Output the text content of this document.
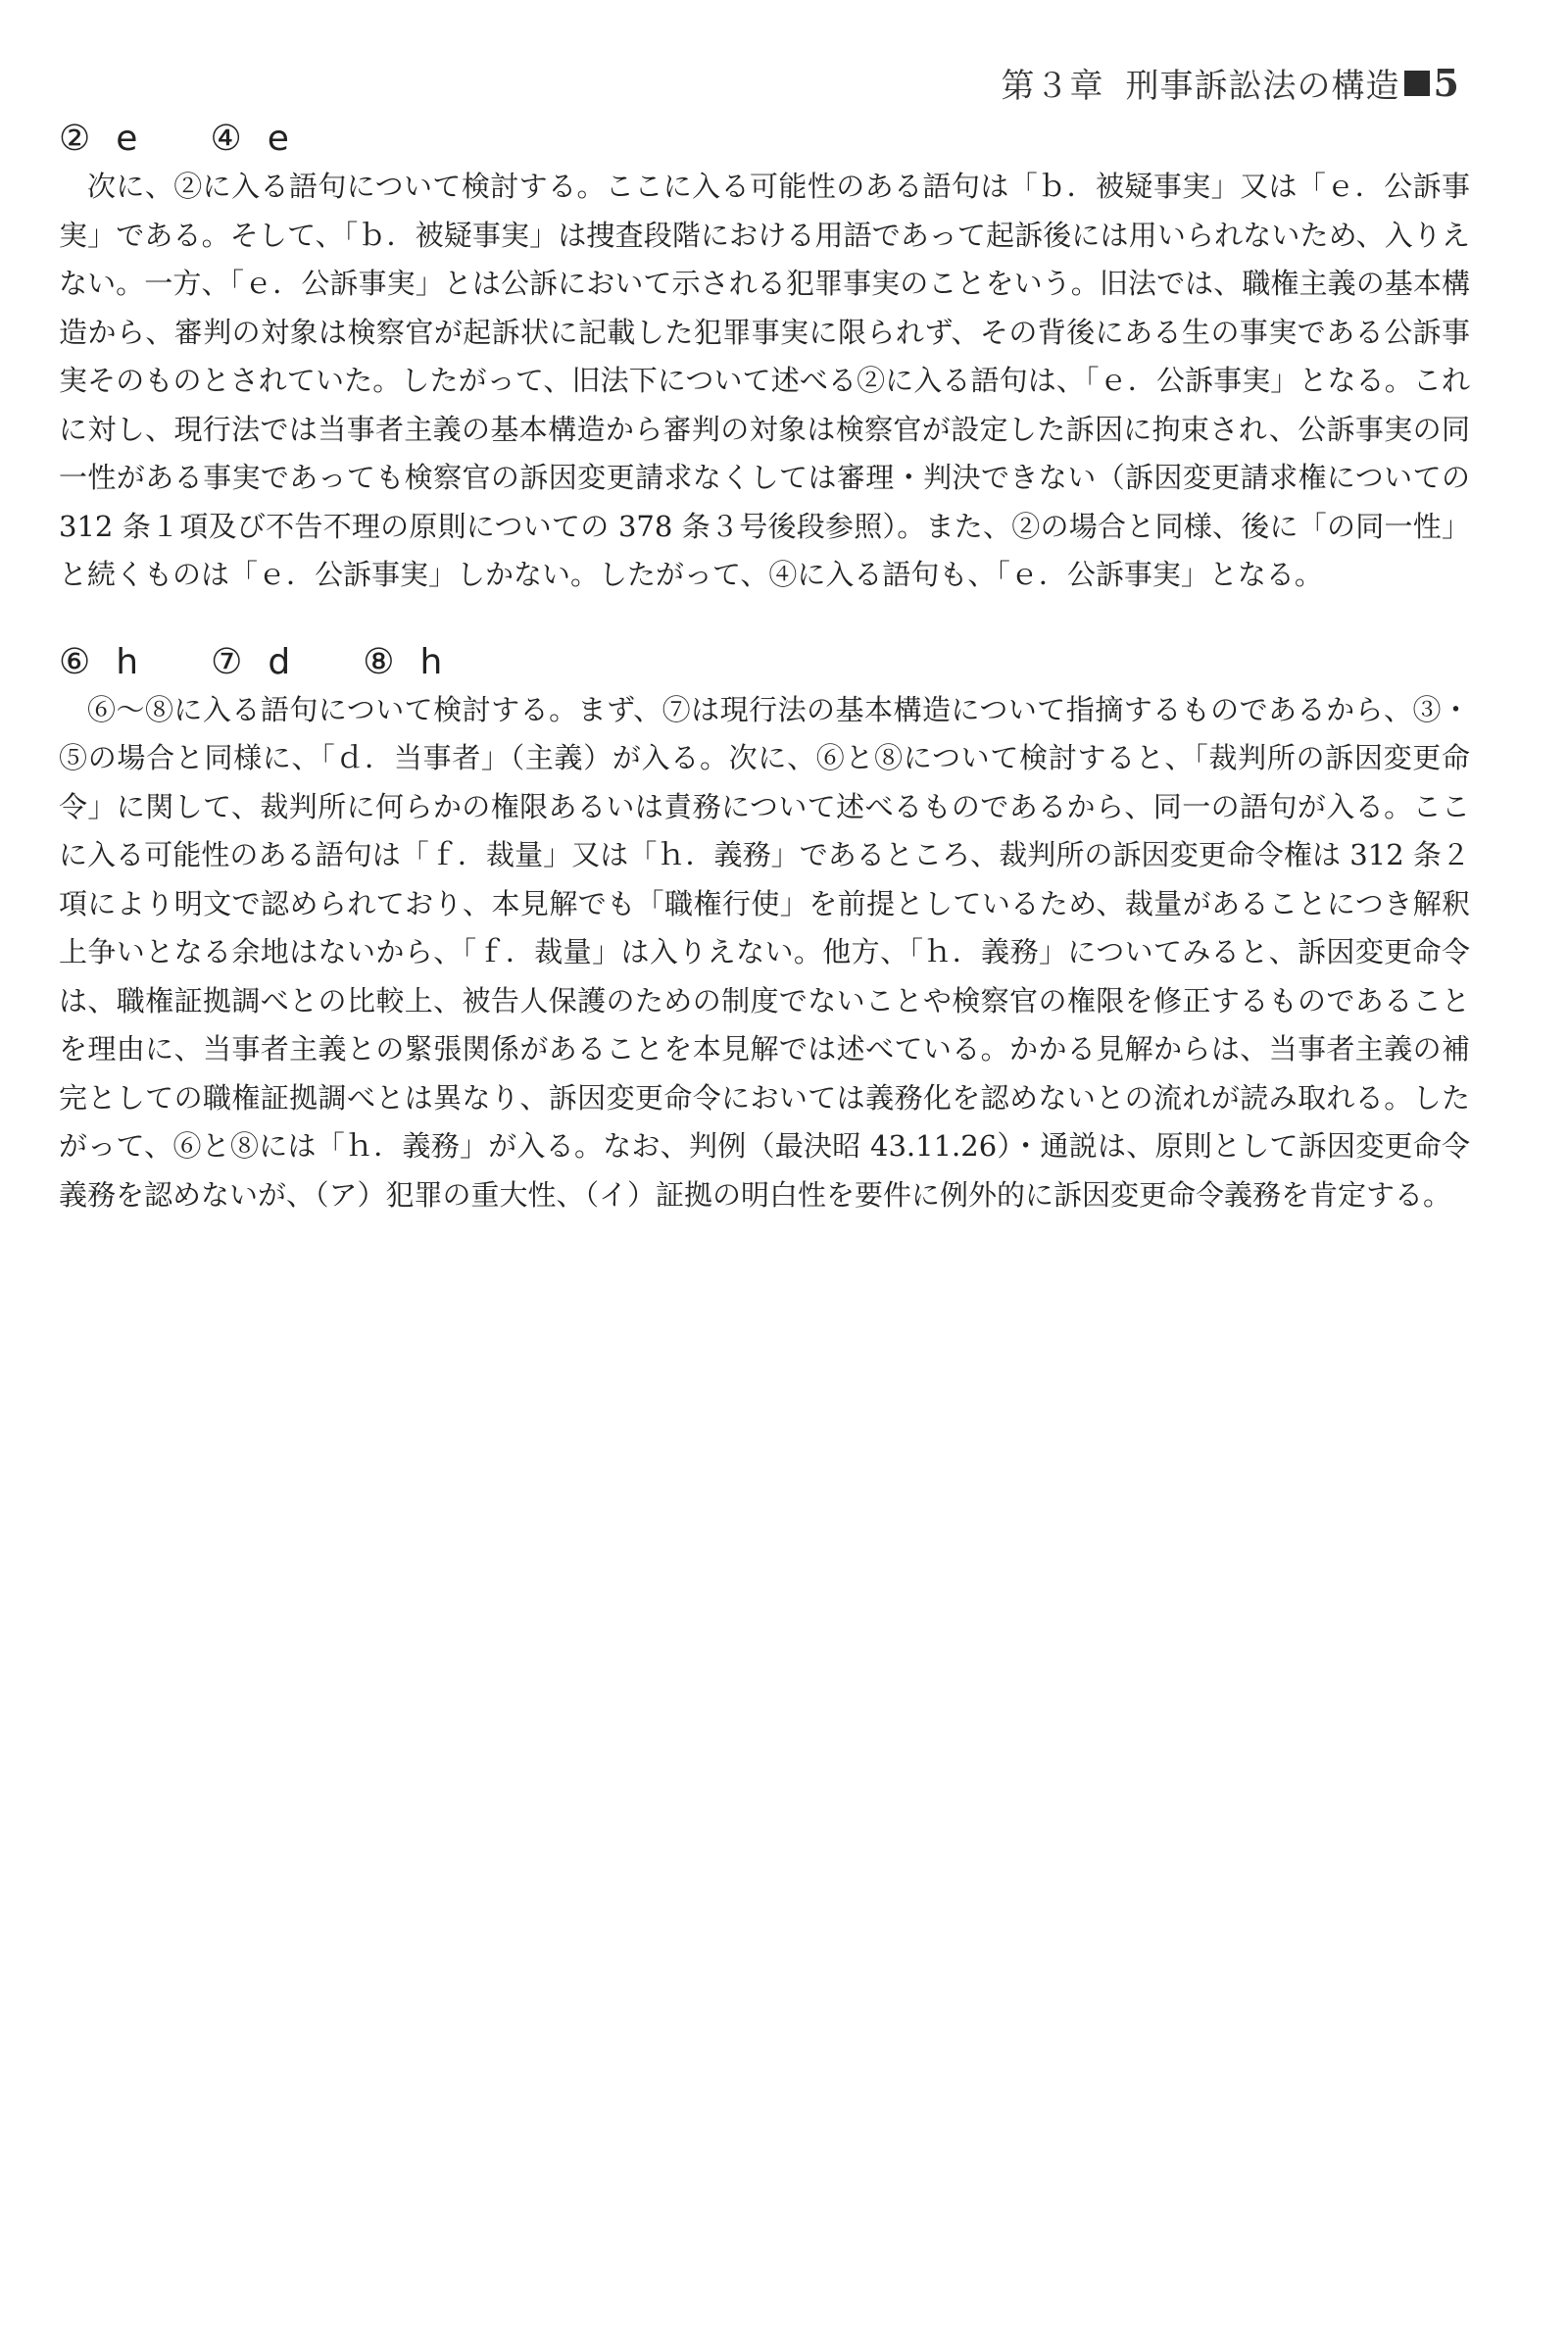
第３章 刑事訴訟法の構造 5
② e ④ e

次に、②に入る語句について検討する。ここに入る可能性のある語句は「ｂ．被疑事実」又は「ｅ．公訴事実」である。そして、「ｂ．被疑事実」は捜査段階における用語であって起訴後には用いられないため、入りえない。一方、「ｅ．公訴事実」とは公訴において示される犯罪事実のことをいう。旧法では、職権主義の基本構造から、審判の対象は検察官が起訴状に記載した犯罪事実に限られず、その背後にある生の事実である公訴事実そのものとされていた。したがって、旧法下について述べる②に入る語句は、「ｅ．公訴事実」となる。これに対し、現行法では当事者主義の基本構造から審判の対象は検察官が設定した訴因に拘束され、公訴事実の同一性がある事実であっても検察官の訴因変更請求なくしては審理・判決できない（訴因変更請求権についての 312 条１項及び不告不理の原則についての 378 条３号後段参照）。また、②の場合と同様、後に「の同一性」と続くものは「ｅ．公訴事実」しかない。したがって、④に入る語句も、「ｅ．公訴事実」となる。

⑥ h ⑦ d ⑧ h

⑥〜⑧に入る語句について検討する。まず、⑦は現行法の基本構造について指摘するものであるから、③・⑤の場合と同様に、「ｄ．当事者」（主義）が入る。次に、⑥と⑧について検討すると、「裁判所の訴因変更命令」に関して、裁判所に何らかの権限あるいは責務について述べるものであるから、同一の語句が入る。ここに入る可能性のある語句は「ｆ．裁量」又は「ｈ．義務」であるところ、裁判所の訴因変更命令権は 312 条２項により明文で認められており、本見解でも「職権行使」を前提としているため、裁量があることにつき解釈上争いとなる余地はないから、「ｆ．裁量」は入りえない。他方、「ｈ．義務」についてみると、訴因変更命令は、職権証拠調べとの比較上、被告人保護のための制度でないことや検察官の権限を修正するものであることを理由に、当事者主義との緊張関係があることを本見解では述べている。かかる見解からは、当事者主義の補完としての職権証拠調べとは異なり、訴因変更命令においては義務化を認めないとの流れが読み取れる。したがって、⑥と⑧には「ｈ．義務」が入る。なお、判例（最決昭 43.11.26）・通説は、原則として訴因変更命令義務を認めないが、（ア）犯罪の重大性、（イ）証拠の明白性を要件に例外的に訴因変更命令義務を肯定する。
